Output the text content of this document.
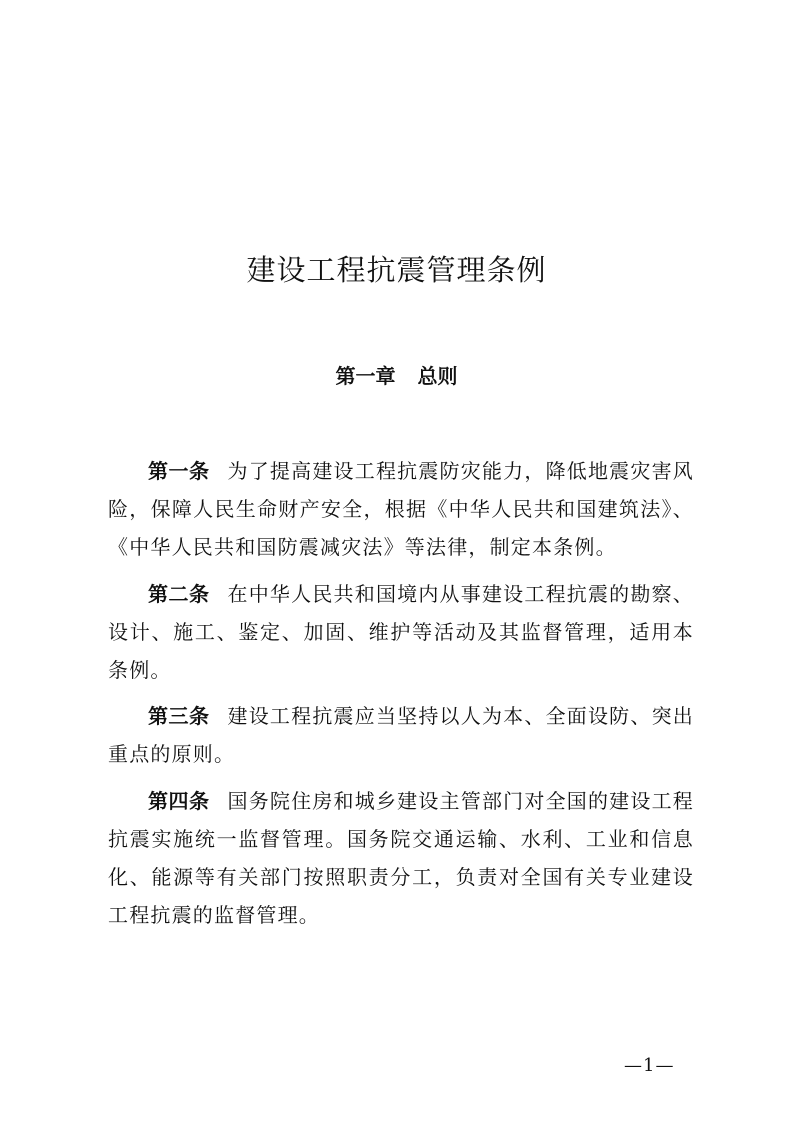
建设工程抗震管理条例
第一章 总则

第一条 为了提高建设工程抗震防灾能力，降低地震灾害风险，保障人民生命财产安全，根据《中华人民共和国建筑法》、《中华人民共和国防震减灾法》等法律，制定本条例。

第二条 在中华人民共和国境内从事建设工程抗震的勘察、设计、施工、鉴定、加固、维护等活动及其监督管理，适用本条例。

第三条 建设工程抗震应当坚持以人为本、全面设防、突出重点的原则。

第四条 国务院住房和城乡建设主管部门对全国的建设工程抗震实施统一监督管理。国务院交通运输、水利、工业和信息化、能源等有关部门按照职责分工，负责对全国有关专业建设工程抗震的监督管理。

—1—
